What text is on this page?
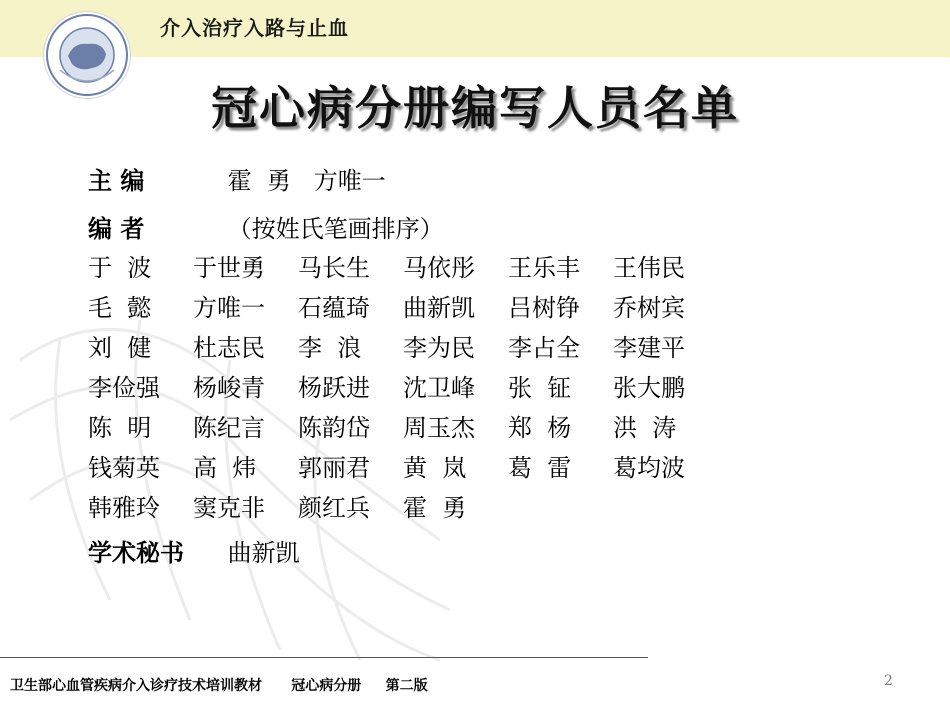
介入治疗入路与止血
冠心病分册编写人员名单
主 编	霍  勇   方唯一
编 者	（按姓氏笔画排序）
于  波 于世勇 马长生 马依彤 王乐丰 王伟民
毛  懿 方唯一 石蕴琦 曲新凯 吕树铮 乔树宾
刘  健 杜志民 李  浪 李为民 李占全 李建平
李俭强 杨峻青 杨跃进 沈卫峰 张  钲 张大鹏
陈  明 陈纪言 陈韵岱 周玉杰 郑  杨 洪  涛
钱菊英 高  炜 郭丽君 黄  岚 葛  雷 葛均波
韩雅玲 窦克非 颜红兵 霍  勇
学术秘书 曲新凯
卫生部心血管疾病介入诊疗技术培训教材      冠心病分册     第二版	2
